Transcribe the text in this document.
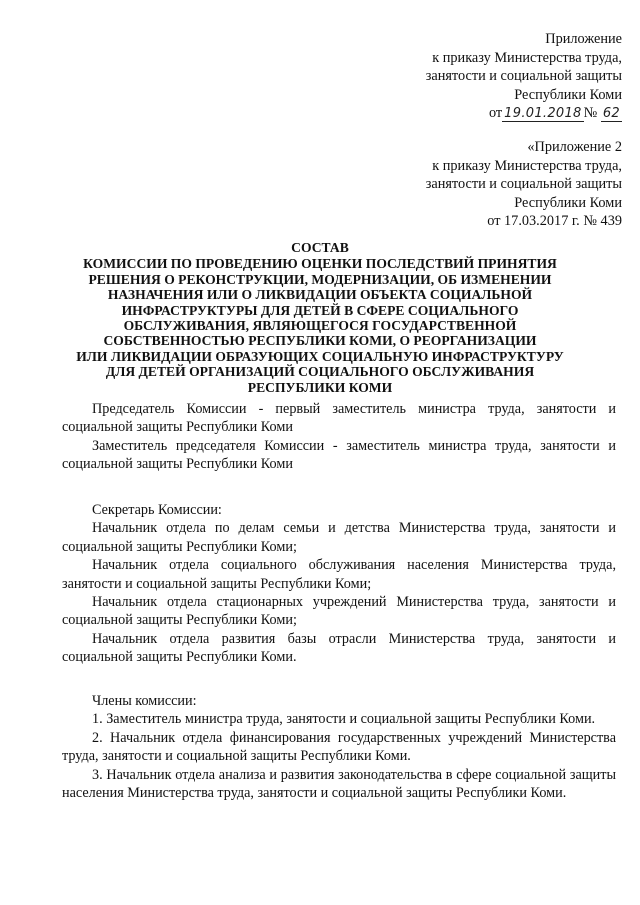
Приложение
к приказу Министерства труда,
занятости и социальной защиты
Республики Коми
от 19.01.2018 № 62
«Приложение 2
к приказу Министерства труда,
занятости и социальной защиты
Республики Коми
от 17.03.2017 г. № 439
СОСТАВ
КОМИССИИ ПО ПРОВЕДЕНИЮ ОЦЕНКИ ПОСЛЕДСТВИЙ ПРИНЯТИЯ
РЕШЕНИЯ О РЕКОНСТРУКЦИИ, МОДЕРНИЗАЦИИ, ОБ ИЗМЕНЕНИИ
НАЗНАЧЕНИЯ ИЛИ О ЛИКВИДАЦИИ ОБЪЕКТА СОЦИАЛЬНОЙ
ИНФРАСТРУКТУРЫ ДЛЯ ДЕТЕЙ В СФЕРЕ СОЦИАЛЬНОГО
ОБСЛУЖИВАНИЯ, ЯВЛЯЮЩЕГОСЯ ГОСУДАРСТВЕННОЙ
СОБСТВЕННОСТЬЮ РЕСПУБЛИКИ КОМИ, О РЕОРГАНИЗАЦИИ
ИЛИ ЛИКВИДАЦИИ ОБРАЗУЮЩИХ СОЦИАЛЬНУЮ ИНФРАСТРУКТУРУ
ДЛЯ ДЕТЕЙ ОРГАНИЗАЦИЙ СОЦИАЛЬНОГО ОБСЛУЖИВАНИЯ
РЕСПУБЛИКИ КОМИ

Председатель Комиссии - первый заместитель министра труда, занятости и социальной защиты Республики Коми

Заместитель председателя Комиссии - заместитель министра труда, занятости и социальной защиты Республики Коми

Секретарь Комиссии:

Начальник отдела по делам семьи и детства Министерства труда, занятости и социальной защиты Республики Коми;

Начальник отдела социального обслуживания населения Министерства труда, занятости и социальной защиты Республики Коми;

Начальник отдела стационарных учреждений Министерства труда, занятости и социальной защиты Республики Коми;

Начальник отдела развития базы отрасли Министерства труда, занятости и социальной защиты Республики Коми.

Члены комиссии:

1. Заместитель министра труда, занятости и социальной защиты Республики Коми.

2. Начальник отдела финансирования государственных учреждений Министерства труда, занятости и социальной защиты Республики Коми.

3. Начальник отдела анализа и развития законодательства в сфере социальной защиты населения Министерства труда, занятости и социальной защиты Республики Коми.
